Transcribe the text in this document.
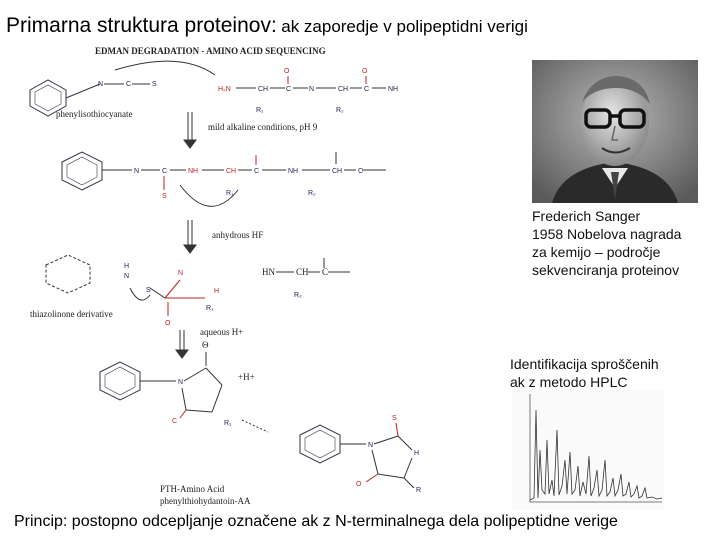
Primarna struktura proteinov: ak zaporedje v polipeptidni verigi
EDMAN DEGRADATION - AMINO ACID SEQUENCING
N	C	S
phenylisothiocyanate
H₂N	CH	C
O
N	CH C
O
NH
R₁	R₂
mild alkaline conditions, pH 9
N	C
S
NH	CH	C	NH	CH C
R₁	R₂
anhydrous HF
H
N
S
N
H
R₁
O
HN CH C
R₂
thiazolinone derivative
aqueous H+
N
Θ
+H+
C	R₁
S
N
H
O
R
PTH-Amino Acid
phenylthiohydantoin-AA
Frederich Sanger
1958 Nobelova nagrada
za kemijo – področje
sekvenciranja proteinov
Identifikacija sproščenih
ak z metodo HPLC
Princip: postopno odcepljanje označene ak z N-terminalnega dela polipeptidne verige
